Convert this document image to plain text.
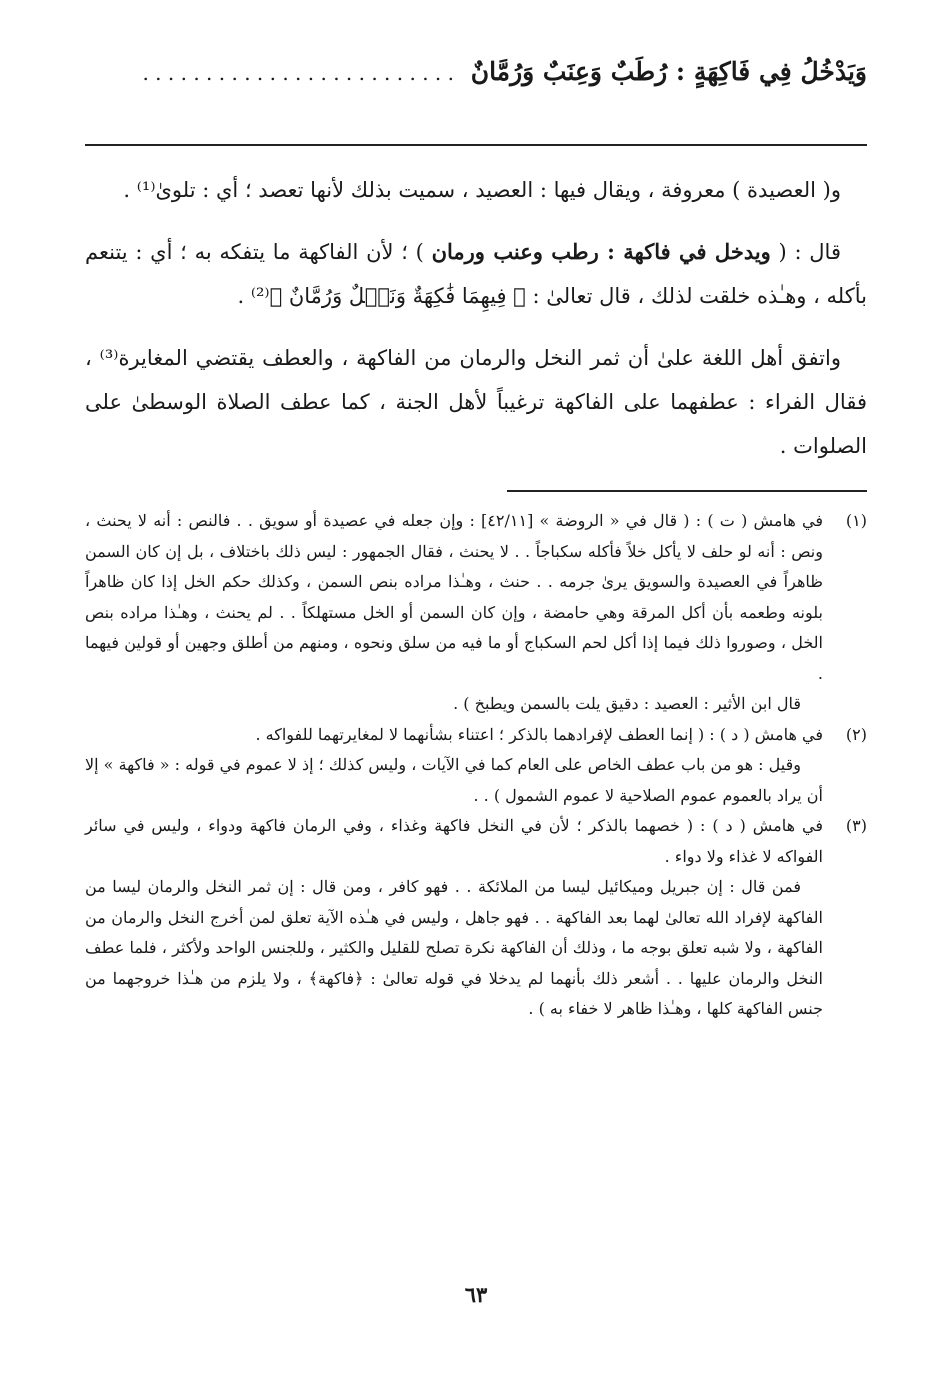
وَيَدْخُلُ فِي فَاكِهَةٍ : رُطَبٌ وَعِنَبٌ وَرُمَّانٌ . . . . . . . . . . . . . . . . . . . . . . . . .

و( العصيدة ) معروفة ، ويقال فيها : العصيد ، سميت بذلك لأنها تعصد ؛ أي : تلوىٰ⁽¹⁾ .

قال : ( ويدخل في فاكهة : رطب وعنب ورمان ) ؛ لأن الفاكهة ما يتفكه به ؛ أي : يتنعم بأكله ، وهـٰذه خلقت لذلك ، قال تعالىٰ : ﴿ فِيهِمَا فَٰكِهَةٌ وَنَخۡلٌ وَرُمَّانٌ ﴾⁽²⁾ .

واتفق أهل اللغة علىٰ أن ثمر النخل والرمان من الفاكهة ، والعطف يقتضي المغايرة⁽³⁾ ، فقال الفراء : عطفهما على الفاكهة ترغيباً لأهل الجنة ، كما عطف الصلاة الوسطىٰ على الصلوات .

(١)

في هامش ( ت ) : ( قال في « الروضة » [٤٢/١١] : وإن جعله في عصيدة أو سويق . . فالنص : أنه لا يحنث ، ونص : أنه لو حلف لا يأكل خلاً فأكله سكباجاً . . لا يحنث ، فقال الجمهور : ليس ذلك باختلاف ، بل إن كان السمن ظاهراً في العصيدة والسويق يرىٰ جرمه . . حنث ، وهـٰذا مراده بنص السمن ، وكذلك حكم الخل إذا كان ظاهراً بلونه وطعمه بأن أكل المرقة وهي حامضة ، وإن كان السمن أو الخل مستهلكاً . . لم يحنث ، وهـٰذا مراده بنص الخل ، وصوروا ذلك فيما إذا أكل لحم السكباج أو ما فيه من سلق ونحوه ، ومنهم من أطلق وجهين أو قولين فيهما .

قال ابن الأثير : العصيد : دقيق يلت بالسمن ويطبخ ) .

(٢)

في هامش ( د ) : ( إنما العطف لإفرادهما بالذكر ؛ اعتناء بشأنهما لا لمغايرتهما للفواكه .

وقيل : هو من باب عطف الخاص على العام كما في الآيات ، وليس كذلك ؛ إذ لا عموم في قوله : « فاكهة » إلا أن يراد بالعموم عموم الصلاحية لا عموم الشمول ) . .

(٣)

في هامش ( د ) : ( خصهما بالذكر ؛ لأن في النخل فاكهة وغذاء ، وفي الرمان فاكهة ودواء ، وليس في سائر الفواكه لا غذاء ولا دواء .

فمن قال : إن جبريل وميكائيل ليسا من الملائكة . . فهو كافر ، ومن قال : إن ثمر النخل والرمان ليسا من الفاكهة لإفراد الله تعالىٰ لهما بعد الفاكهة . . فهو جاهل ، وليس في هـٰذه الآية تعلق لمن أخرج النخل والرمان من الفاكهة ، ولا شبه تعلق بوجه ما ، وذلك أن الفاكهة نكرة تصلح للقليل والكثير ، وللجنس الواحد ولأكثر ، فلما عطف النخل والرمان عليها . . أشعر ذلك بأنهما لم يدخلا في قوله تعالىٰ : ﴿فاكهة﴾ ، ولا يلزم من هـٰذا خروجهما من جنس الفاكهة كلها ، وهـٰذا ظاهر لا خفاء به ) .

٦٣
